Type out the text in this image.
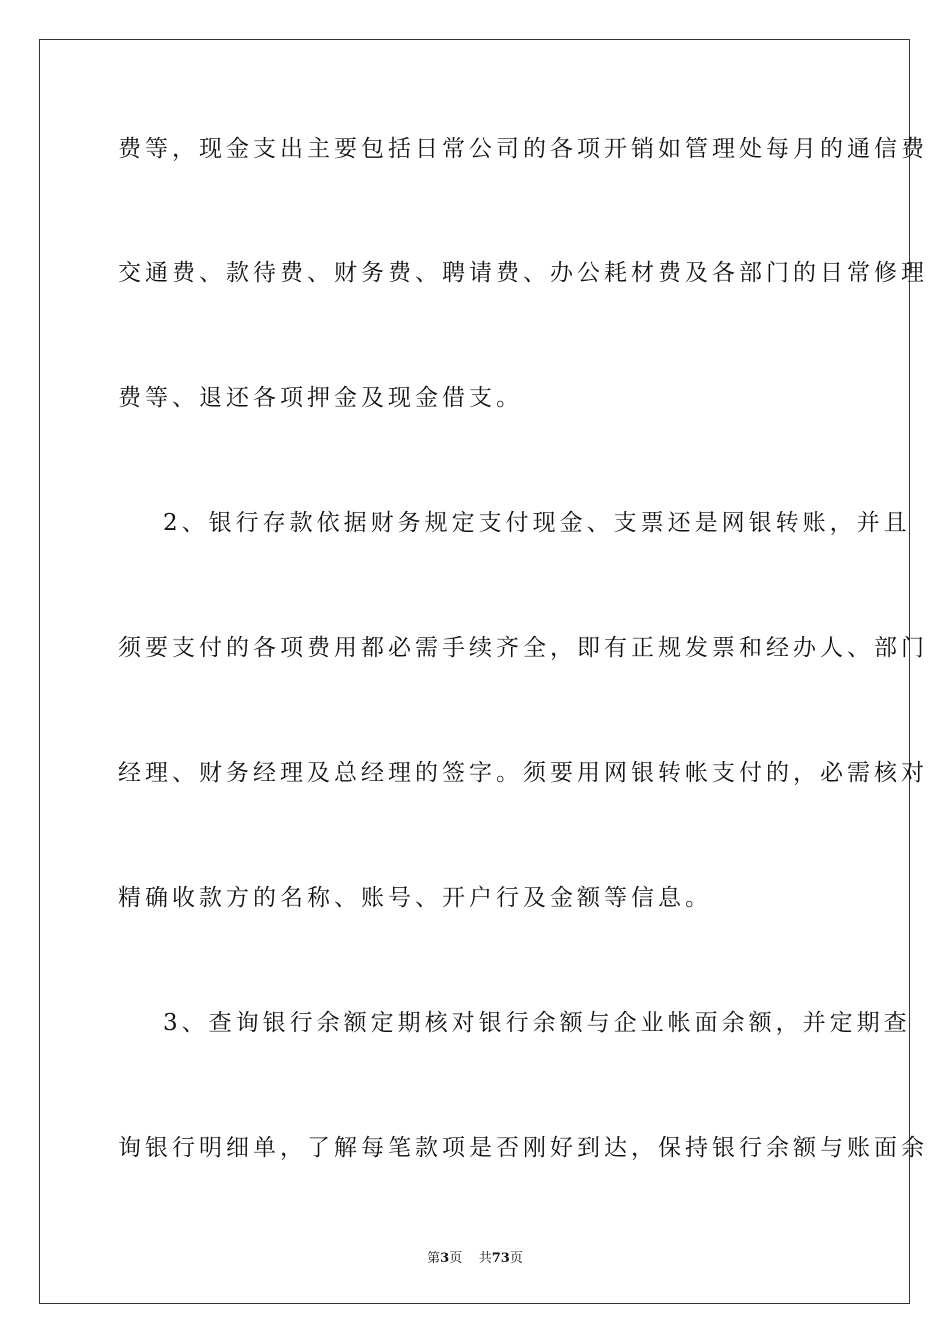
费等，现金支出主要包括日常公司的各项开销如管理处每月的通信费
交通费、款待费、财务费、聘请费、办公耗材费及各部门的日常修理
费等、退还各项押金及现金借支。
2、银行存款依据财务规定支付现金、支票还是网银转账，并且
须要支付的各项费用都必需手续齐全，即有正规发票和经办人、部门
经理、财务经理及总经理的签字。须要用网银转帐支付的，必需核对
精确收款方的名称、账号、开户行及金额等信息。
3、查询银行余额定期核对银行余额与企业帐面余额，并定期查
询银行明细单，了解每笔款项是否刚好到达，保持银行余额与账面余
第3页 共73页
